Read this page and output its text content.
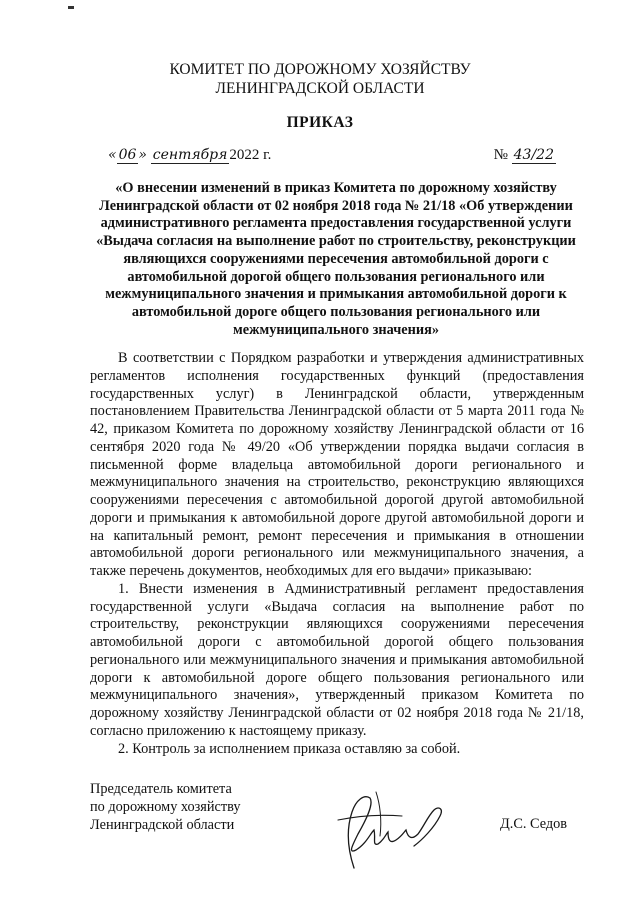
КОМИТЕТ ПО ДОРОЖНОМУ ХОЗЯЙСТВУ
ЛЕНИНГРАДСКОЙ ОБЛАСТИ
ПРИКАЗ
« 06 » сентября 2022 г.	№ 43/22
«О внесении изменений в приказ Комитета по дорожному хозяйству Ленинградской области от 02 ноября 2018 года № 21/18 «Об утверждении административного регламента предоставления государственной услуги «Выдача согласия на выполнение работ по строительству, реконструкции являющихся сооружениями пересечения автомобильной дороги с автомобильной дорогой общего пользования регионального или межмуниципального значения и примыкания автомобильной дороги к автомобильной дороге общего пользования регионального или межмуниципального значения»

В соответствии с Порядком разработки и утверждения административных регламентов исполнения государственных функций (предоставления государственных услуг) в Ленинградской области, утвержденным постановлением Правительства Ленинградской области от 5 марта 2011 года № 42, приказом Комитета по дорожному хозяйству Ленинградской области от 16 сентября 2020 года № 49/20 «Об утверждении порядка выдачи согласия в письменной форме владельца автомобильной дороги регионального и межмуниципального значения на строительство, реконструкцию являющихся сооружениями пересечения с автомобильной дорогой другой автомобильной дороги и примыкания к автомобильной дороге другой автомобильной дороги и на капитальный ремонт, ремонт пересечения и примыкания в отношении автомобильной дороги регионального или межмуниципального значения, а также перечень документов, необходимых для его выдачи» приказываю:

1. Внести изменения в Административный регламент предоставления государственной услуги «Выдача согласия на выполнение работ по строительству, реконструкции являющихся сооружениями пересечения автомобильной дороги с автомобильной дорогой общего пользования регионального или межмуниципального значения и примыкания автомобильной дороги к автомобильной дороге общего пользования регионального или межмуниципального значения», утвержденный приказом Комитета по дорожному хозяйству Ленинградской области от 02 ноября 2018 года № 21/18, согласно приложению к настоящему приказу.

2. Контроль за исполнением приказа оставляю за собой.

Председатель комитета
по дорожному хозяйству
Ленинградской области	Д.С. Седов
